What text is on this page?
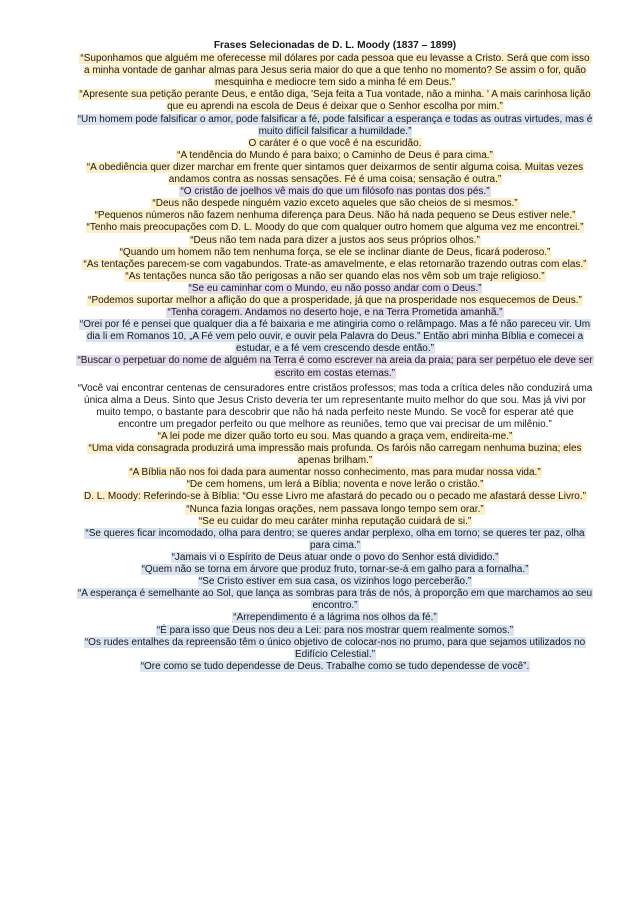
Frases Selecionadas de D. L. Moody (1837 – 1899)

“Suponhamos que alguém me oferecesse mil dólares por cada pessoa que eu levasse a Cristo. Será que com isso a minha vontade de ganhar almas para Jesus seria maior do que a que tenho no momento? Se assim o for, quão mesquinha e mediocre tem sido a minha fé em Deus.”

“Apresente sua petição perante Deus, e então diga, 'Seja feita a Tua vontade, não a minha. ' A mais carinhosa lição que eu aprendi na escola de Deus é deixar que o Senhor escolha por mim.”

“Um homem pode falsificar o amor, pode falsificar a fé, pode falsificar a esperança e todas as outras virtudes, mas é muito difícil falsificar a humildade.”

O caráter é o que você é na escuridão.

“A tendência do Mundo é para baixo; o Caminho de Deus é para cima.”

“A obediência quer dizer marchar em frente quer sintamos quer deixarmos de sentir alguma coisa. Muitas vezes andamos contra as nossas sensações. Fé é uma coisa; sensação é outra.”

“O cristão de joelhos vê mais do que um filósofo nas pontas dos pés.”

“Deus não despede ninguém vazio exceto aqueles que são cheios de si mesmos.”

“Pequenos números não fazem nenhuma diferença para Deus. Não há nada pequeno se Deus estiver nele.”

“Tenho mais preocupações com D. L. Moody do que com qualquer outro homem que alguma vez me encontrei.”

“Deus não tem nada para dizer a justos aos seus próprios olhos.”

“Quando um homem não tem nenhuma força, se ele se inclinar diante de Deus, ficará poderoso.”

“As tentações parecem-se com vagabundos. Trate-as amavelmente, e elas retornarão trazendo outras com elas.”

“As tentações nunca são tão perigosas a não ser quando elas nos vêm sob um traje religioso.”

“Se eu caminhar com o Mundo, eu não posso andar com o Deus.”

“Podemos suportar melhor a aflição do que a prosperidade, já que na prosperidade nos esquecemos de Deus.”

“Tenha coragem. Andamos no deserto hoje, e na Terra Prometida amanhã.”

“Orei por fé e pensei que qualquer dia a fé baixaria e me atingiria como o relâmpago. Mas a fé não pareceu vir. Um dia li em Romanos 10, „A Fé vem pelo ouvir, e ouvir pela Palavra do Deus.” Então abri minha Bíblia e comecei a estudar, e a fé vem crescendo desde então.”

“Buscar o perpetuar do nome de alguém na Terra é como escrever na areia da praia; para ser perpétuo ele deve ser escrito em costas eternas.”

“Você vai encontrar centenas de censuradores entre cristãos professos; mas toda a crítica deles não conduzirá uma única alma a Deus. Sinto que Jesus Cristo deveria ter um representante muito melhor do que sou. Mas já vivi por muito tempo, o bastante para descobrir que não há nada perfeito neste Mundo. Se você for esperar até que encontre um pregador perfeito ou que melhore as reuniões, temo que vai precisar de um milênio.”

“A lei pode me dizer quão torto eu sou. Mas quando a graça vem, endireita-me.”

“Uma vida consagrada produzirá uma impressão mais profunda. Os faróis não carregam nenhuma buzina; eles apenas brilham.”

“A Bíblia não nos foi dada para aumentar nosso conhecimento, mas para mudar nossa vida.”

“De cem homens, um lerá a Bíblia; noventa e nove lerão o cristão.”

D. L. Moody: Referindo-se à Bíblia: “Ou esse Livro me afastará do pecado ou o pecado me afastará desse Livro.”

“Nunca fazia longas orações, nem passava longo tempo sem orar.”

“Se eu cuidar do meu caráter minha reputação cuidará de si.”

“Se queres ficar incomodado, olha para dentro; se queres andar perplexo, olha em torno; se queres ter paz, olha para cima.”

“Jamais vi o Espírito de Deus atuar onde o povo do Senhor está dividido.”

“Quem não se torna em árvore que produz fruto, tornar-se-á em galho para a fornalha.”

“Se Cristo estiver em sua casa, os vizinhos logo perceberão.”

“A esperança é semelhante ao Sol, que lança as sombras para trás de nós, à proporção em que marchamos ao seu encontro.”

“Arrependimento é a lágrima nos olhos da fé.”

“É para isso que Deus nos deu a Lei: para nos mostrar quem realmente somos.”

“Os rudes entalhes da repreensão têm o único objetivo de colocar-nos no prumo, para que sejamos utilizados no Edifício Celestial.”

“Ore como se tudo dependesse de Deus. Trabalhe como se tudo dependesse de você”.
